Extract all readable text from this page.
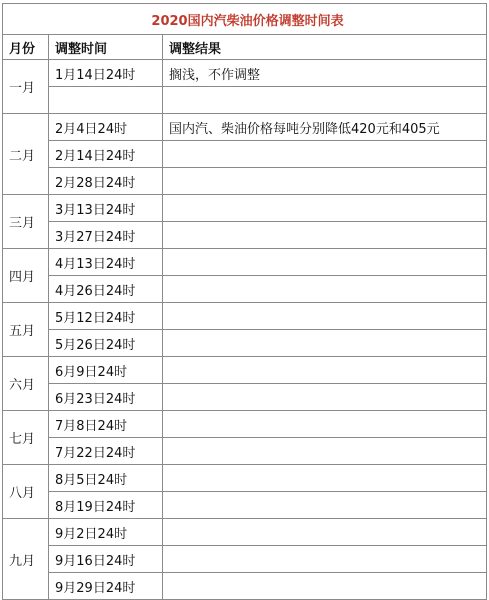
2020国内汽柴油价格调整时间表		
月份	调整时间	调整结果
一月	1月14日24时	搁浅，不作调整

二月	2月4日24时	国内汽、柴油价格每吨分别降低420元和405元
	2月14日24时	
	2月28日24时	
三月	3月13日24时	
	3月27日24时	
四月	4月13日24时	
	4月26日24时	
五月	5月12日24时	
	5月26日24时	
六月	6月9日24时	
	6月23日24时	
七月	7月8日24时	
	7月22日24时	
八月	8月5日24时	
	8月19日24时	
九月	9月2日24时	
	9月16日24时	
	9月29日24时	
